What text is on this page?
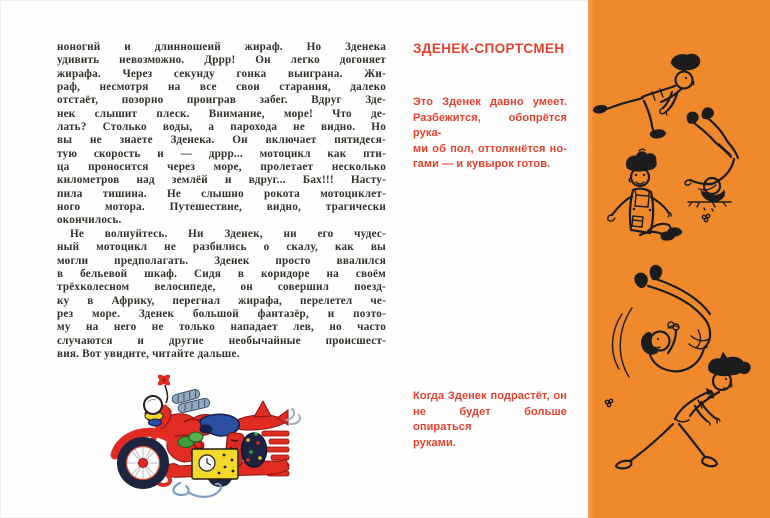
ноногий и длинношеий жираф. Но Зденека
удивить невозможно. Дррр! Он легко догоняет
жирафа. Через секунду гонка выиграна. Жи-
раф, несмотря на все свои старания, далеко
отстаёт, позорно проиграв забег. Вдруг Зде-
нек слышит плеск. Внимание, море! Что де-
лать? Столько воды, а парохода не видно. Но
вы не знаете Зденека. Он включает пятидеся-
тую скорость и — дррр... мотоцикл как пти-
ца проносится через море, пролетает несколько
километров над землёй и вдруг... Бах!!! Насту-
пила тишина. Не слышно рокота мотоциклет-
ного мотора. Путешествие, видно, трагически
окончилось.
Не волнуйтесь. Ни Зденек, ни его чудес-
ный мотоцикл не разбились о скалу, как вы
могли предполагать. Зденек просто ввалился
в бельевой шкаф. Сидя в коридоре на своём
трёхколесном велосипеде, он совершил поезд-
ку в Африку, перегнал жирафа, перелетел че-
рез море. Зденек большой фантазёр, и поэто-
му на него не только нападает лев, но часто
случаются и другие необычайные происшест-
вия. Вот увидите, читайте дальше.
ЗДЕНЕК-СПОРТСМЕН
Это Зденек давно умеет.
Разбежится, обопрётся рука-
ми об пол, оттолкнётся но-
гами — и кувырок готов.
Когда Зденек подрастёт, он
не будет больше опираться
руками.
